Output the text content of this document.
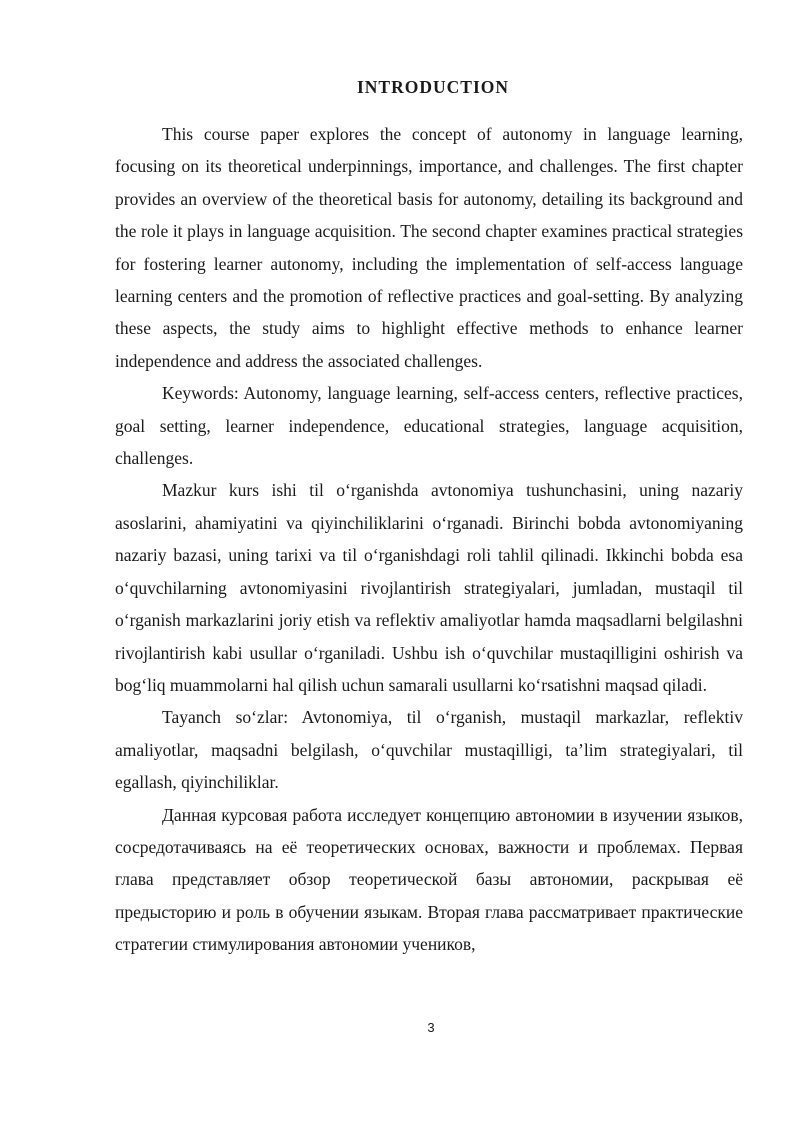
INTRODUCTION

This course paper explores the concept of autonomy in language learning, focusing on its theoretical underpinnings, importance, and challenges. The first chapter provides an overview of the theoretical basis for autonomy, detailing its background and the role it plays in language acquisition. The second chapter examines practical strategies for fostering learner autonomy, including the implementation of self-access language learning centers and the promotion of reflective practices and goal-setting. By analyzing these aspects, the study aims to highlight effective methods to enhance learner independence and address the associated challenges.

Keywords: Autonomy, language learning, self-access centers, reflective practices, goal setting, learner independence, educational strategies, language acquisition, challenges.

Mazkur kurs ishi til o‘rganishda avtonomiya tushunchasini, uning nazariy asoslarini, ahamiyatini va qiyinchiliklarini o‘rganadi. Birinchi bobda avtonomiyaning nazariy bazasi, uning tarixi va til o‘rganishdagi roli tahlil qilinadi. Ikkinchi bobda esa o‘quvchilarning avtonomiyasini rivojlantirish strategiyalari, jumladan, mustaqil til o‘rganish markazlarini joriy etish va reflektiv amaliyotlar hamda maqsadlarni belgilashni rivojlantirish kabi usullar o‘rganiladi. Ushbu ish o‘quvchilar mustaqilligini oshirish va bog‘liq muammolarni hal qilish uchun samarali usullarni ko‘rsatishni maqsad qiladi.

Tayanch so‘zlar: Avtonomiya, til o‘rganish, mustaqil markazlar, reflektiv amaliyotlar, maqsadni belgilash, o‘quvchilar mustaqilligi, ta’lim strategiyalari, til egallash, qiyinchiliklar.

Данная курсовая работа исследует концепцию автономии в изучении языков, сосредотачиваясь на её теоретических основах, важности и проблемах. Первая глава представляет обзор теоретической базы автономии, раскрывая её предысторию и роль в обучении языкам. Вторая глава рассматривает практические стратегии стимулирования автономии учеников,

3
